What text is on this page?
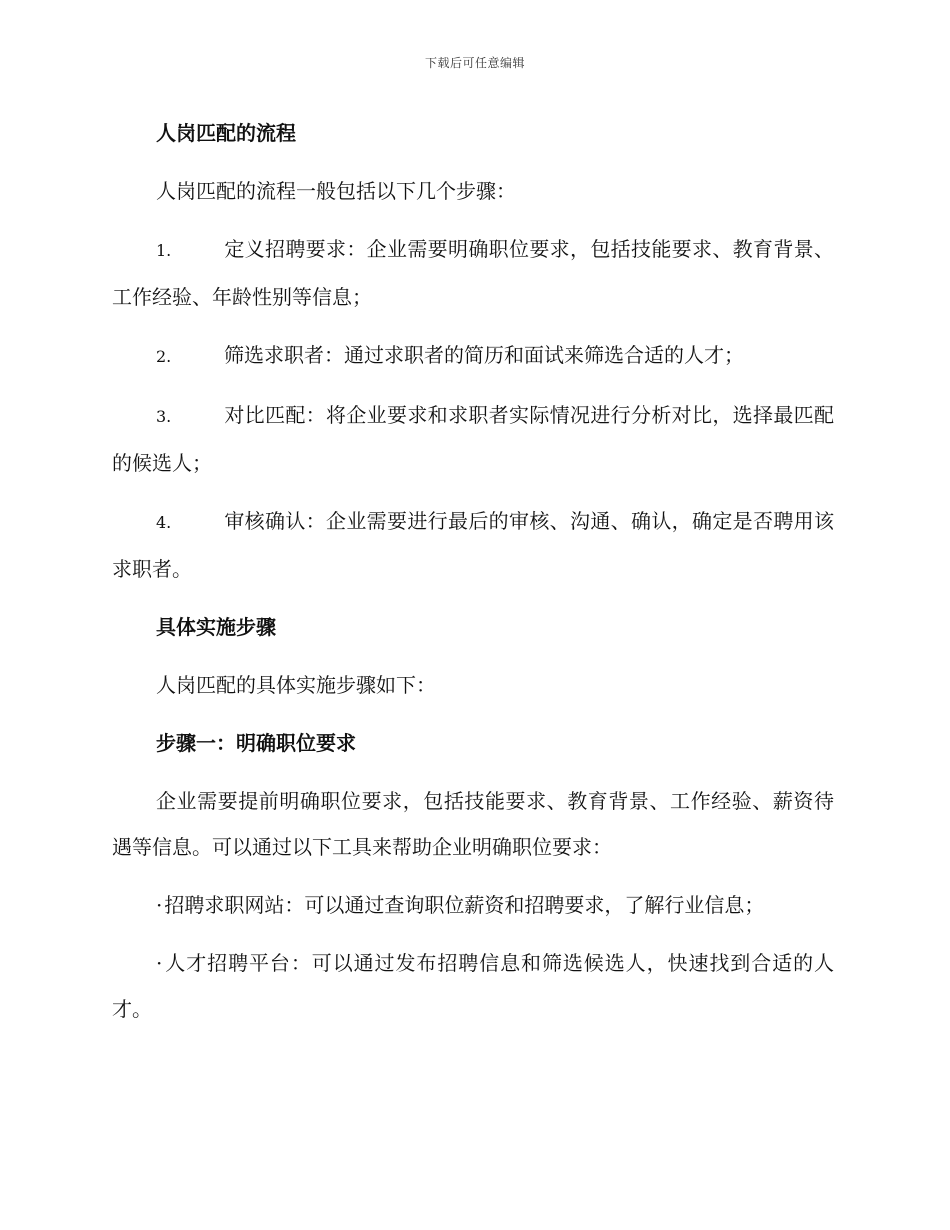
下载后可任意编辑

人岗匹配的流程

人岗匹配的流程一般包括以下几个步骤：

1.	定义招聘要求：企业需要明确职位要求，包括技能要求、教育背景、工作经验、年龄性别等信息；

2.	筛选求职者：通过求职者的简历和面试来筛选合适的人才；

3.	对比匹配：将企业要求和求职者实际情况进行分析对比，选择最匹配的候选人；

4.	审核确认：企业需要进行最后的审核、沟通、确认，确定是否聘用该求职者。

具体实施步骤

人岗匹配的具体实施步骤如下：

步骤一：明确职位要求

企业需要提前明确职位要求，包括技能要求、教育背景、工作经验、薪资待遇等信息。可以通过以下工具来帮助企业明确职位要求：

· 招聘求职网站：可以通过查询职位薪资和招聘要求，了解行业信息；

· 人才招聘平台：可以通过发布招聘信息和筛选候选人，快速找到合适的人才。
